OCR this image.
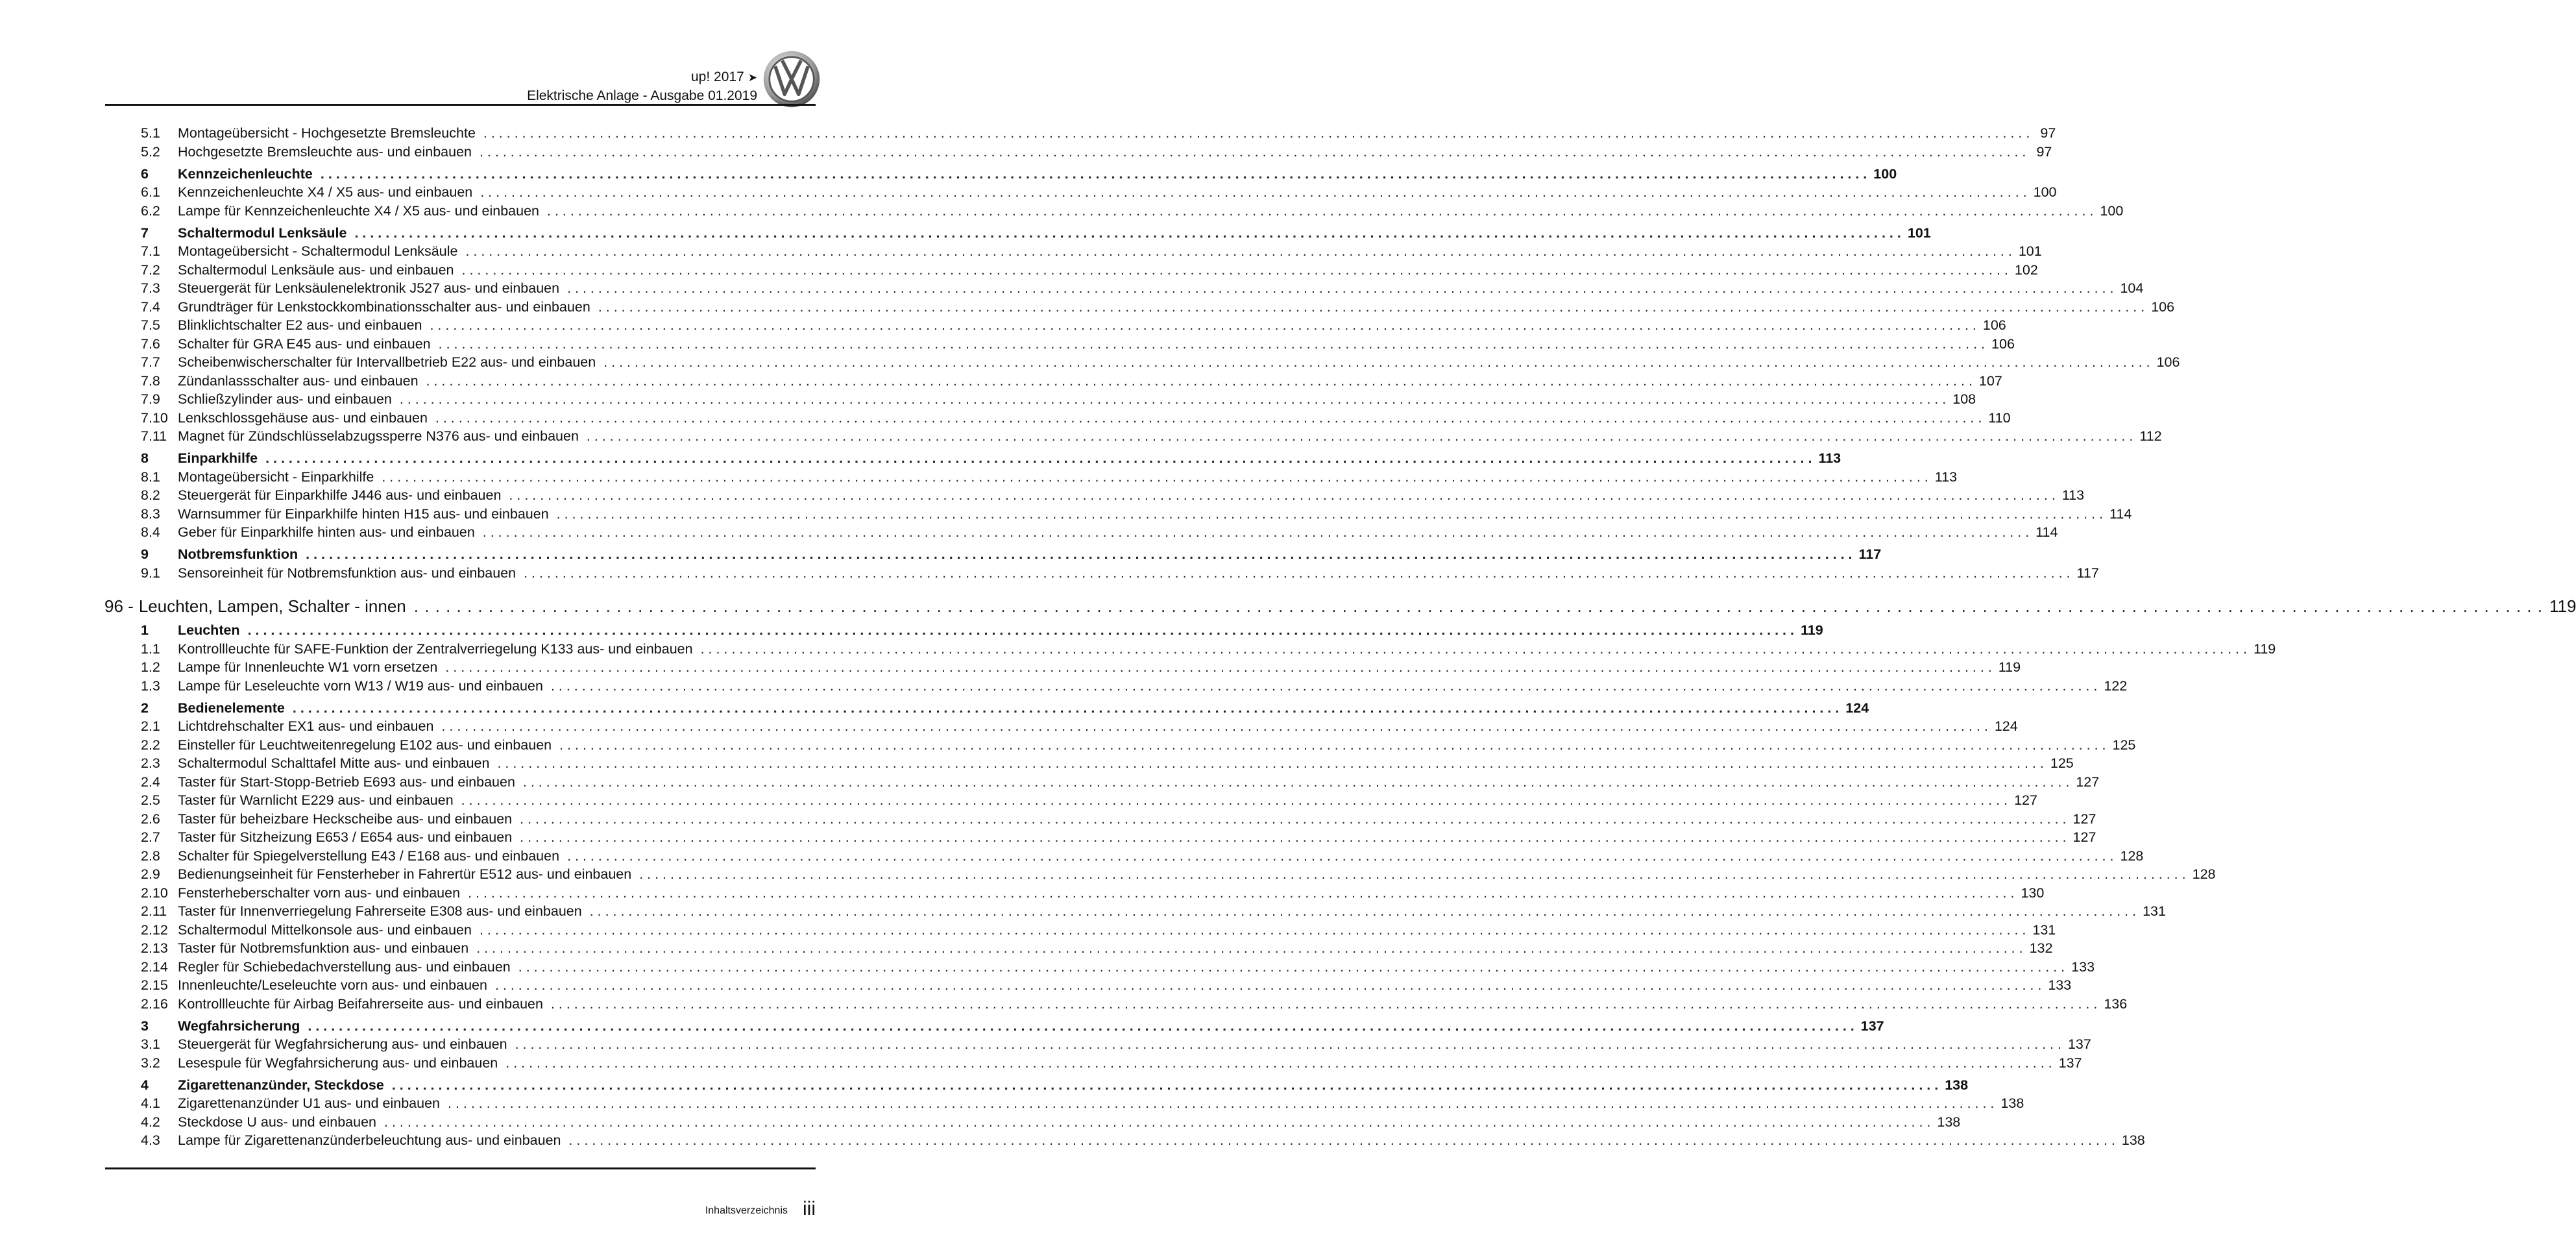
up! 2017 ➤
Elektrische Anlage - Ausgabe 01.2019
5.1	Montageübersicht - Hochgesetzte Bremsleuchte . . . . . . . . . . . . . . . . . . . . . . . . . . . . . . . . . . . . . . . . . . . . . . . . . . . . . . . . . . . . . . . . . . . . . . . . . . . . . . . . . . . . . . . . . . . . . . . . . . . . . . . . . . . . . . . . . . . . . . . . . . . . . . . . . . . . . . . . . . . . . . . . . . . . . . . . . . . . . . . . . . . . . . . . . . . . . . . . . . . . . . . . . . . . . . . . . . . . . . . . 97
5.2	Hochgesetzte Bremsleuchte aus- und einbauen . . . . . . . . . . . . . . . . . . . . . . . . . . . . . . . . . . . . . . . . . . . . . . . . . . . . . . . . . . . . . . . . . . . . . . . . . . . . . . . . . . . . . . . . . . . . . . . . . . . . . . . . . . . . . . . . . . . . . . . . . . . . . . . . . . . . . . . . . . . . . . . . . . . . . . . . . . . . . . . . . . . . . . . . . . . . . . . . . . . . . . . . . . . . . . . . . . . . . . . . 97
6	Kennzeichenleuchte . . . . . . . . . . . . . . . . . . . . . . . . . . . . . . . . . . . . . . . . . . . . . . . . . . . . . . . . . . . . . . . . . . . . . . . . . . . . . . . . . . . . . . . . . . . . . . . . . . . . . . . . . . . . . . . . . . . . . . . . . . . . . . . . . . . . . . . . . . . . . . . . . . . . . . . . . . . . . . . . . . . . . . . . . . . . . . . . . . . . . . . . . . . . . . . . . . . . . . . . 100
6.1	Kennzeichenleuchte X4 / X5 aus- und einbauen . . . . . . . . . . . . . . . . . . . . . . . . . . . . . . . . . . . . . . . . . . . . . . . . . . . . . . . . . . . . . . . . . . . . . . . . . . . . . . . . . . . . . . . . . . . . . . . . . . . . . . . . . . . . . . . . . . . . . . . . . . . . . . . . . . . . . . . . . . . . . . . . . . . . . . . . . . . . . . . . . . . . . . . . . . . . . . . . . . . . . . . . . . . . . . . . . . . . . . . . 100
6.2	Lampe für Kennzeichenleuchte X4 / X5 aus- und einbauen . . . . . . . . . . . . . . . . . . . . . . . . . . . . . . . . . . . . . . . . . . . . . . . . . . . . . . . . . . . . . . . . . . . . . . . . . . . . . . . . . . . . . . . . . . . . . . . . . . . . . . . . . . . . . . . . . . . . . . . . . . . . . . . . . . . . . . . . . . . . . . . . . . . . . . . . . . . . . . . . . . . . . . . . . . . . . . . . . . . . . . . . . . . . . . . . . . . . . . . . 100
7	Schaltermodul Lenksäule . . . . . . . . . . . . . . . . . . . . . . . . . . . . . . . . . . . . . . . . . . . . . . . . . . . . . . . . . . . . . . . . . . . . . . . . . . . . . . . . . . . . . . . . . . . . . . . . . . . . . . . . . . . . . . . . . . . . . . . . . . . . . . . . . . . . . . . . . . . . . . . . . . . . . . . . . . . . . . . . . . . . . . . . . . . . . . . . . . . . . . . . . . . . . . . . . . . . . . . . 101
7.1	Montageübersicht - Schaltermodul Lenksäule . . . . . . . . . . . . . . . . . . . . . . . . . . . . . . . . . . . . . . . . . . . . . . . . . . . . . . . . . . . . . . . . . . . . . . . . . . . . . . . . . . . . . . . . . . . . . . . . . . . . . . . . . . . . . . . . . . . . . . . . . . . . . . . . . . . . . . . . . . . . . . . . . . . . . . . . . . . . . . . . . . . . . . . . . . . . . . . . . . . . . . . . . . . . . . . . . . . . . . . . 101
7.2	Schaltermodul Lenksäule aus- und einbauen . . . . . . . . . . . . . . . . . . . . . . . . . . . . . . . . . . . . . . . . . . . . . . . . . . . . . . . . . . . . . . . . . . . . . . . . . . . . . . . . . . . . . . . . . . . . . . . . . . . . . . . . . . . . . . . . . . . . . . . . . . . . . . . . . . . . . . . . . . . . . . . . . . . . . . . . . . . . . . . . . . . . . . . . . . . . . . . . . . . . . . . . . . . . . . . . . . . . . . . . 102
7.3	Steuergerät für Lenksäulenelektronik J527 aus- und einbauen . . . . . . . . . . . . . . . . . . . . . . . . . . . . . . . . . . . . . . . . . . . . . . . . . . . . . . . . . . . . . . . . . . . . . . . . . . . . . . . . . . . . . . . . . . . . . . . . . . . . . . . . . . . . . . . . . . . . . . . . . . . . . . . . . . . . . . . . . . . . . . . . . . . . . . . . . . . . . . . . . . . . . . . . . . . . . . . . . . . . . . . . . . . . . . . . . . . . . . . . 104
7.4	Grundträger für Lenkstockkombinationsschalter aus- und einbauen . . . . . . . . . . . . . . . . . . . . . . . . . . . . . . . . . . . . . . . . . . . . . . . . . . . . . . . . . . . . . . . . . . . . . . . . . . . . . . . . . . . . . . . . . . . . . . . . . . . . . . . . . . . . . . . . . . . . . . . . . . . . . . . . . . . . . . . . . . . . . . . . . . . . . . . . . . . . . . . . . . . . . . . . . . . . . . . . . . . . . . . . . . . . . . . . . . . . . . . . 106
7.5	Blinklichtschalter E2 aus- und einbauen . . . . . . . . . . . . . . . . . . . . . . . . . . . . . . . . . . . . . . . . . . . . . . . . . . . . . . . . . . . . . . . . . . . . . . . . . . . . . . . . . . . . . . . . . . . . . . . . . . . . . . . . . . . . . . . . . . . . . . . . . . . . . . . . . . . . . . . . . . . . . . . . . . . . . . . . . . . . . . . . . . . . . . . . . . . . . . . . . . . . . . . . . . . . . . . . . . . . . . . . 106
7.6	Schalter für GRA E45 aus- und einbauen . . . . . . . . . . . . . . . . . . . . . . . . . . . . . . . . . . . . . . . . . . . . . . . . . . . . . . . . . . . . . . . . . . . . . . . . . . . . . . . . . . . . . . . . . . . . . . . . . . . . . . . . . . . . . . . . . . . . . . . . . . . . . . . . . . . . . . . . . . . . . . . . . . . . . . . . . . . . . . . . . . . . . . . . . . . . . . . . . . . . . . . . . . . . . . . . . . . . . . . . 106
7.7	Scheibenwischerschalter für Intervallbetrieb E22 aus- und einbauen . . . . . . . . . . . . . . . . . . . . . . . . . . . . . . . . . . . . . . . . . . . . . . . . . . . . . . . . . . . . . . . . . . . . . . . . . . . . . . . . . . . . . . . . . . . . . . . . . . . . . . . . . . . . . . . . . . . . . . . . . . . . . . . . . . . . . . . . . . . . . . . . . . . . . . . . . . . . . . . . . . . . . . . . . . . . . . . . . . . . . . . . . . . . . . . . . . . . . . . . 106
7.8	Zündanlassschalter aus- und einbauen . . . . . . . . . . . . . . . . . . . . . . . . . . . . . . . . . . . . . . . . . . . . . . . . . . . . . . . . . . . . . . . . . . . . . . . . . . . . . . . . . . . . . . . . . . . . . . . . . . . . . . . . . . . . . . . . . . . . . . . . . . . . . . . . . . . . . . . . . . . . . . . . . . . . . . . . . . . . . . . . . . . . . . . . . . . . . . . . . . . . . . . . . . . . . . . . . . . . . . . . 107
7.9	Schließzylinder aus- und einbauen . . . . . . . . . . . . . . . . . . . . . . . . . . . . . . . . . . . . . . . . . . . . . . . . . . . . . . . . . . . . . . . . . . . . . . . . . . . . . . . . . . . . . . . . . . . . . . . . . . . . . . . . . . . . . . . . . . . . . . . . . . . . . . . . . . . . . . . . . . . . . . . . . . . . . . . . . . . . . . . . . . . . . . . . . . . . . . . . . . . . . . . . . . . . . . . . . . . . . . . . 108
7.10 Lenkschlossgehäuse aus- und einbauen . . . . . . . . . . . . . . . . . . . . . . . . . . . . . . . . . . . . . . . . . . . . . . . . . . . . . . . . . . . . . . . . . . . . . . . . . . . . . . . . . . . . . . . . . . . . . . . . . . . . . . . . . . . . . . . . . . . . . . . . . . . . . . . . . . . . . . . . . . . . . . . . . . . . . . . . . . . . . . . . . . . . . . . . . . . . . . . . . . . . . . . . . . . . . . . . . . . . . . . . 110
7.11 Magnet für Zündschlüsselabzugssperre N376 aus- und einbauen . . . . . . . . . . . . . . . . . . . . . . . . . . . . . . . . . . . . . . . . . . . . . . . . . . . . . . . . . . . . . . . . . . . . . . . . . . . . . . . . . . . . . . . . . . . . . . . . . . . . . . . . . . . . . . . . . . . . . . . . . . . . . . . . . . . . . . . . . . . . . . . . . . . . . . . . . . . . . . . . . . . . . . . . . . . . . . . . . . . . . . . . . . . . . . . . . . . . . . . . 112
8	Einparkhilfe . . . . . . . . . . . . . . . . . . . . . . . . . . . . . . . . . . . . . . . . . . . . . . . . . . . . . . . . . . . . . . . . . . . . . . . . . . . . . . . . . . . . . . . . . . . . . . . . . . . . . . . . . . . . . . . . . . . . . . . . . . . . . . . . . . . . . . . . . . . . . . . . . . . . . . . . . . . . . . . . . . . . . . . . . . . . . . . . . . . . . . . . . . . . . . . . . . . . . . . . 113
8.1	Montageübersicht - Einparkhilfe . . . . . . . . . . . . . . . . . . . . . . . . . . . . . . . . . . . . . . . . . . . . . . . . . . . . . . . . . . . . . . . . . . . . . . . . . . . . . . . . . . . . . . . . . . . . . . . . . . . . . . . . . . . . . . . . . . . . . . . . . . . . . . . . . . . . . . . . . . . . . . . . . . . . . . . . . . . . . . . . . . . . . . . . . . . . . . . . . . . . . . . . . . . . . . . . . . . . . . . . 113
8.2	Steuergerät für Einparkhilfe J446 aus- und einbauen . . . . . . . . . . . . . . . . . . . . . . . . . . . . . . . . . . . . . . . . . . . . . . . . . . . . . . . . . . . . . . . . . . . . . . . . . . . . . . . . . . . . . . . . . . . . . . . . . . . . . . . . . . . . . . . . . . . . . . . . . . . . . . . . . . . . . . . . . . . . . . . . . . . . . . . . . . . . . . . . . . . . . . . . . . . . . . . . . . . . . . . . . . . . . . . . . . . . . . . . 113
8.3	Warnsummer für Einparkhilfe hinten H15 aus- und einbauen . . . . . . . . . . . . . . . . . . . . . . . . . . . . . . . . . . . . . . . . . . . . . . . . . . . . . . . . . . . . . . . . . . . . . . . . . . . . . . . . . . . . . . . . . . . . . . . . . . . . . . . . . . . . . . . . . . . . . . . . . . . . . . . . . . . . . . . . . . . . . . . . . . . . . . . . . . . . . . . . . . . . . . . . . . . . . . . . . . . . . . . . . . . . . . . . . . . . . . . . 114
8.4	Geber für Einparkhilfe hinten aus- und einbauen . . . . . . . . . . . . . . . . . . . . . . . . . . . . . . . . . . . . . . . . . . . . . . . . . . . . . . . . . . . . . . . . . . . . . . . . . . . . . . . . . . . . . . . . . . . . . . . . . . . . . . . . . . . . . . . . . . . . . . . . . . . . . . . . . . . . . . . . . . . . . . . . . . . . . . . . . . . . . . . . . . . . . . . . . . . . . . . . . . . . . . . . . . . . . . . . . . . . . . . . 114
9	Notbremsfunktion . . . . . . . . . . . . . . . . . . . . . . . . . . . . . . . . . . . . . . . . . . . . . . . . . . . . . . . . . . . . . . . . . . . . . . . . . . . . . . . . . . . . . . . . . . . . . . . . . . . . . . . . . . . . . . . . . . . . . . . . . . . . . . . . . . . . . . . . . . . . . . . . . . . . . . . . . . . . . . . . . . . . . . . . . . . . . . . . . . . . . . . . . . . . . . . . . . . . . . . . 117
9.1	Sensoreinheit für Notbremsfunktion aus- und einbauen . . . . . . . . . . . . . . . . . . . . . . . . . . . . . . . . . . . . . . . . . . . . . . . . . . . . . . . . . . . . . . . . . . . . . . . . . . . . . . . . . . . . . . . . . . . . . . . . . . . . . . . . . . . . . . . . . . . . . . . . . . . . . . . . . . . . . . . . . . . . . . . . . . . . . . . . . . . . . . . . . . . . . . . . . . . . . . . . . . . . . . . . . . . . . . . . . . . . . . . . 117
96 - Leuchten, Lampen, Schalter - innen . . . . . . . . . . . . . . . . . . . . . . . . . . . . . . . . . . . . . . . . . . . . . . . . . . . . . . . . . . . . . . . . . . . . . . . . . . . . . . . . . . . . . . . . . . . . . . . . . . . . . . . . . . . . . . . . . . . . . . . . . . . . . . . . . . . . . . . . . . . . . . . . . . . . . . . . . . . . . . . . . . . . . . . . . . . . . . . . . . . . . . . . . . . . . . . . . . . . . . . . 119
1	Leuchten . . . . . . . . . . . . . . . . . . . . . . . . . . . . . . . . . . . . . . . . . . . . . . . . . . . . . . . . . . . . . . . . . . . . . . . . . . . . . . . . . . . . . . . . . . . . . . . . . . . . . . . . . . . . . . . . . . . . . . . . . . . . . . . . . . . . . . . . . . . . . . . . . . . . . . . . . . . . . . . . . . . . . . . . . . . . . . . . . . . . . . . . . . . . . . . . . . . . . . . . 119
1.1	Kontrollleuchte für SAFE-Funktion der Zentralverriegelung K133 aus- und einbauen . . . . . . . . . . . . . . . . . . . . . . . . . . . . . . . . . . . . . . . . . . . . . . . . . . . . . . . . . . . . . . . . . . . . . . . . . . . . . . . . . . . . . . . . . . . . . . . . . . . . . . . . . . . . . . . . . . . . . . . . . . . . . . . . . . . . . . . . . . . . . . . . . . . . . . . . . . . . . . . . . . . . . . . . . . . . . . . . . . . . . . . . . . . . . . . . . . . . . . . . 119
1.2	Lampe für Innenleuchte W1 vorn ersetzen . . . . . . . . . . . . . . . . . . . . . . . . . . . . . . . . . . . . . . . . . . . . . . . . . . . . . . . . . . . . . . . . . . . . . . . . . . . . . . . . . . . . . . . . . . . . . . . . . . . . . . . . . . . . . . . . . . . . . . . . . . . . . . . . . . . . . . . . . . . . . . . . . . . . . . . . . . . . . . . . . . . . . . . . . . . . . . . . . . . . . . . . . . . . . . . . . . . . . . . . 119
1.3	Lampe für Leseleuchte vorn W13 / W19 aus- und einbauen . . . . . . . . . . . . . . . . . . . . . . . . . . . . . . . . . . . . . . . . . . . . . . . . . . . . . . . . . . . . . . . . . . . . . . . . . . . . . . . . . . . . . . . . . . . . . . . . . . . . . . . . . . . . . . . . . . . . . . . . . . . . . . . . . . . . . . . . . . . . . . . . . . . . . . . . . . . . . . . . . . . . . . . . . . . . . . . . . . . . . . . . . . . . . . . . . . . . . . . . 122
2	Bedienelemente . . . . . . . . . . . . . . . . . . . . . . . . . . . . . . . . . . . . . . . . . . . . . . . . . . . . . . . . . . . . . . . . . . . . . . . . . . . . . . . . . . . . . . . . . . . . . . . . . . . . . . . . . . . . . . . . . . . . . . . . . . . . . . . . . . . . . . . . . . . . . . . . . . . . . . . . . . . . . . . . . . . . . . . . . . . . . . . . . . . . . . . . . . . . . . . . . . . . . . . . 124
2.1	Lichtdrehschalter EX1 aus- und einbauen . . . . . . . . . . . . . . . . . . . . . . . . . . . . . . . . . . . . . . . . . . . . . . . . . . . . . . . . . . . . . . . . . . . . . . . . . . . . . . . . . . . . . . . . . . . . . . . . . . . . . . . . . . . . . . . . . . . . . . . . . . . . . . . . . . . . . . . . . . . . . . . . . . . . . . . . . . . . . . . . . . . . . . . . . . . . . . . . . . . . . . . . . . . . . . . . . . . . . . . . 124
2.2	Einsteller für Leuchtweitenregelung E102 aus- und einbauen . . . . . . . . . . . . . . . . . . . . . . . . . . . . . . . . . . . . . . . . . . . . . . . . . . . . . . . . . . . . . . . . . . . . . . . . . . . . . . . . . . . . . . . . . . . . . . . . . . . . . . . . . . . . . . . . . . . . . . . . . . . . . . . . . . . . . . . . . . . . . . . . . . . . . . . . . . . . . . . . . . . . . . . . . . . . . . . . . . . . . . . . . . . . . . . . . . . . . . . . 125
2.3	Schaltermodul Schalttafel Mitte aus- und einbauen . . . . . . . . . . . . . . . . . . . . . . . . . . . . . . . . . . . . . . . . . . . . . . . . . . . . . . . . . . . . . . . . . . . . . . . . . . . . . . . . . . . . . . . . . . . . . . . . . . . . . . . . . . . . . . . . . . . . . . . . . . . . . . . . . . . . . . . . . . . . . . . . . . . . . . . . . . . . . . . . . . . . . . . . . . . . . . . . . . . . . . . . . . . . . . . . . . . . . . . . 125
2.4	Taster für Start-Stopp-Betrieb E693 aus- und einbauen . . . . . . . . . . . . . . . . . . . . . . . . . . . . . . . . . . . . . . . . . . . . . . . . . . . . . . . . . . . . . . . . . . . . . . . . . . . . . . . . . . . . . . . . . . . . . . . . . . . . . . . . . . . . . . . . . . . . . . . . . . . . . . . . . . . . . . . . . . . . . . . . . . . . . . . . . . . . . . . . . . . . . . . . . . . . . . . . . . . . . . . . . . . . . . . . . . . . . . . . 127
2.5	Taster für Warnlicht E229 aus- und einbauen . . . . . . . . . . . . . . . . . . . . . . . . . . . . . . . . . . . . . . . . . . . . . . . . . . . . . . . . . . . . . . . . . . . . . . . . . . . . . . . . . . . . . . . . . . . . . . . . . . . . . . . . . . . . . . . . . . . . . . . . . . . . . . . . . . . . . . . . . . . . . . . . . . . . . . . . . . . . . . . . . . . . . . . . . . . . . . . . . . . . . . . . . . . . . . . . . . . . . . . . 127
2.6	Taster für beheizbare Heckscheibe aus- und einbauen . . . . . . . . . . . . . . . . . . . . . . . . . . . . . . . . . . . . . . . . . . . . . . . . . . . . . . . . . . . . . . . . . . . . . . . . . . . . . . . . . . . . . . . . . . . . . . . . . . . . . . . . . . . . . . . . . . . . . . . . . . . . . . . . . . . . . . . . . . . . . . . . . . . . . . . . . . . . . . . . . . . . . . . . . . . . . . . . . . . . . . . . . . . . . . . . . . . . . . . . 127
2.7	Taster für Sitzheizung E653 / E654 aus- und einbauen . . . . . . . . . . . . . . . . . . . . . . . . . . . . . . . . . . . . . . . . . . . . . . . . . . . . . . . . . . . . . . . . . . . . . . . . . . . . . . . . . . . . . . . . . . . . . . . . . . . . . . . . . . . . . . . . . . . . . . . . . . . . . . . . . . . . . . . . . . . . . . . . . . . . . . . . . . . . . . . . . . . . . . . . . . . . . . . . . . . . . . . . . . . . . . . . . . . . . . . . 127
2.8	Schalter für Spiegelverstellung E43 / E168 aus- und einbauen . . . . . . . . . . . . . . . . . . . . . . . . . . . . . . . . . . . . . . . . . . . . . . . . . . . . . . . . . . . . . . . . . . . . . . . . . . . . . . . . . . . . . . . . . . . . . . . . . . . . . . . . . . . . . . . . . . . . . . . . . . . . . . . . . . . . . . . . . . . . . . . . . . . . . . . . . . . . . . . . . . . . . . . . . . . . . . . . . . . . . . . . . . . . . . . . . . . . . . . . 128
2.9	Bedienungseinheit für Fensterheber in Fahrertür E512 aus- und einbauen . . . . . . . . . . . . . . . . . . . . . . . . . . . . . . . . . . . . . . . . . . . . . . . . . . . . . . . . . . . . . . . . . . . . . . . . . . . . . . . . . . . . . . . . . . . . . . . . . . . . . . . . . . . . . . . . . . . . . . . . . . . . . . . . . . . . . . . . . . . . . . . . . . . . . . . . . . . . . . . . . . . . . . . . . . . . . . . . . . . . . . . . . . . . . . . . . . . . . . . . 128
2.10 Fensterheberschalter vorn aus- und einbauen . . . . . . . . . . . . . . . . . . . . . . . . . . . . . . . . . . . . . . . . . . . . . . . . . . . . . . . . . . . . . . . . . . . . . . . . . . . . . . . . . . . . . . . . . . . . . . . . . . . . . . . . . . . . . . . . . . . . . . . . . . . . . . . . . . . . . . . . . . . . . . . . . . . . . . . . . . . . . . . . . . . . . . . . . . . . . . . . . . . . . . . . . . . . . . . . . . . . . . . . 130
2.11 Taster für Innenverriegelung Fahrerseite E308 aus- und einbauen . . . . . . . . . . . . . . . . . . . . . . . . . . . . . . . . . . . . . . . . . . . . . . . . . . . . . . . . . . . . . . . . . . . . . . . . . . . . . . . . . . . . . . . . . . . . . . . . . . . . . . . . . . . . . . . . . . . . . . . . . . . . . . . . . . . . . . . . . . . . . . . . . . . . . . . . . . . . . . . . . . . . . . . . . . . . . . . . . . . . . . . . . . . . . . . . . . . . . . . . 131
2.12 Schaltermodul Mittelkonsole aus- und einbauen . . . . . . . . . . . . . . . . . . . . . . . . . . . . . . . . . . . . . . . . . . . . . . . . . . . . . . . . . . . . . . . . . . . . . . . . . . . . . . . . . . . . . . . . . . . . . . . . . . . . . . . . . . . . . . . . . . . . . . . . . . . . . . . . . . . . . . . . . . . . . . . . . . . . . . . . . . . . . . . . . . . . . . . . . . . . . . . . . . . . . . . . . . . . . . . . . . . . . . . . 131
2.13 Taster für Notbremsfunktion aus- und einbauen . . . . . . . . . . . . . . . . . . . . . . . . . . . . . . . . . . . . . . . . . . . . . . . . . . . . . . . . . . . . . . . . . . . . . . . . . . . . . . . . . . . . . . . . . . . . . . . . . . . . . . . . . . . . . . . . . . . . . . . . . . . . . . . . . . . . . . . . . . . . . . . . . . . . . . . . . . . . . . . . . . . . . . . . . . . . . . . . . . . . . . . . . . . . . . . . . . . . . . . . 132
2.14 Regler für Schiebedachverstellung aus- und einbauen . . . . . . . . . . . . . . . . . . . . . . . . . . . . . . . . . . . . . . . . . . . . . . . . . . . . . . . . . . . . . . . . . . . . . . . . . . . . . . . . . . . . . . . . . . . . . . . . . . . . . . . . . . . . . . . . . . . . . . . . . . . . . . . . . . . . . . . . . . . . . . . . . . . . . . . . . . . . . . . . . . . . . . . . . . . . . . . . . . . . . . . . . . . . . . . . . . . . . . . . 133
2.15 Innenleuchte/Leseleuchte vorn aus- und einbauen . . . . . . . . . . . . . . . . . . . . . . . . . . . . . . . . . . . . . . . . . . . . . . . . . . . . . . . . . . . . . . . . . . . . . . . . . . . . . . . . . . . . . . . . . . . . . . . . . . . . . . . . . . . . . . . . . . . . . . . . . . . . . . . . . . . . . . . . . . . . . . . . . . . . . . . . . . . . . . . . . . . . . . . . . . . . . . . . . . . . . . . . . . . . . . . . . . . . . . . . 133
2.16 Kontrollleuchte für Airbag Beifahrerseite aus- und einbauen . . . . . . . . . . . . . . . . . . . . . . . . . . . . . . . . . . . . . . . . . . . . . . . . . . . . . . . . . . . . . . . . . . . . . . . . . . . . . . . . . . . . . . . . . . . . . . . . . . . . . . . . . . . . . . . . . . . . . . . . . . . . . . . . . . . . . . . . . . . . . . . . . . . . . . . . . . . . . . . . . . . . . . . . . . . . . . . . . . . . . . . . . . . . . . . . . . . . . . . . 136
3	Wegfahrsicherung . . . . . . . . . . . . . . . . . . . . . . . . . . . . . . . . . . . . . . . . . . . . . . . . . . . . . . . . . . . . . . . . . . . . . . . . . . . . . . . . . . . . . . . . . . . . . . . . . . . . . . . . . . . . . . . . . . . . . . . . . . . . . . . . . . . . . . . . . . . . . . . . . . . . . . . . . . . . . . . . . . . . . . . . . . . . . . . . . . . . . . . . . . . . . . . . . . . . . . . . 137
3.1	Steuergerät für Wegfahrsicherung aus- und einbauen . . . . . . . . . . . . . . . . . . . . . . . . . . . . . . . . . . . . . . . . . . . . . . . . . . . . . . . . . . . . . . . . . . . . . . . . . . . . . . . . . . . . . . . . . . . . . . . . . . . . . . . . . . . . . . . . . . . . . . . . . . . . . . . . . . . . . . . . . . . . . . . . . . . . . . . . . . . . . . . . . . . . . . . . . . . . . . . . . . . . . . . . . . . . . . . . . . . . . . . . 137
3.2	Lesespule für Wegfahrsicherung aus- und einbauen . . . . . . . . . . . . . . . . . . . . . . . . . . . . . . . . . . . . . . . . . . . . . . . . . . . . . . . . . . . . . . . . . . . . . . . . . . . . . . . . . . . . . . . . . . . . . . . . . . . . . . . . . . . . . . . . . . . . . . . . . . . . . . . . . . . . . . . . . . . . . . . . . . . . . . . . . . . . . . . . . . . . . . . . . . . . . . . . . . . . . . . . . . . . . . . . . . . . . . . . 137
4	Zigarettenanzünder, Steckdose . . . . . . . . . . . . . . . . . . . . . . . . . . . . . . . . . . . . . . . . . . . . . . . . . . . . . . . . . . . . . . . . . . . . . . . . . . . . . . . . . . . . . . . . . . . . . . . . . . . . . . . . . . . . . . . . . . . . . . . . . . . . . . . . . . . . . . . . . . . . . . . . . . . . . . . . . . . . . . . . . . . . . . . . . . . . . . . . . . . . . . . . . . . . . . . . . . . . . . . . 138
4.1	Zigarettenanzünder U1 aus- und einbauen . . . . . . . . . . . . . . . . . . . . . . . . . . . . . . . . . . . . . . . . . . . . . . . . . . . . . . . . . . . . . . . . . . . . . . . . . . . . . . . . . . . . . . . . . . . . . . . . . . . . . . . . . . . . . . . . . . . . . . . . . . . . . . . . . . . . . . . . . . . . . . . . . . . . . . . . . . . . . . . . . . . . . . . . . . . . . . . . . . . . . . . . . . . . . . . . . . . . . . . . 138
4.2	Steckdose U aus- und einbauen . . . . . . . . . . . . . . . . . . . . . . . . . . . . . . . . . . . . . . . . . . . . . . . . . . . . . . . . . . . . . . . . . . . . . . . . . . . . . . . . . . . . . . . . . . . . . . . . . . . . . . . . . . . . . . . . . . . . . . . . . . . . . . . . . . . . . . . . . . . . . . . . . . . . . . . . . . . . . . . . . . . . . . . . . . . . . . . . . . . . . . . . . . . . . . . . . . . . . . . . 138
4.3	Lampe für Zigarettenanzünderbeleuchtung aus- und einbauen . . . . . . . . . . . . . . . . . . . . . . . . . . . . . . . . . . . . . . . . . . . . . . . . . . . . . . . . . . . . . . . . . . . . . . . . . . . . . . . . . . . . . . . . . . . . . . . . . . . . . . . . . . . . . . . . . . . . . . . . . . . . . . . . . . . . . . . . . . . . . . . . . . . . . . . . . . . . . . . . . . . . . . . . . . . . . . . . . . . . . . . . . . . . . . . . . . . . . . . . 138
Inhaltsverzeichnis iii
